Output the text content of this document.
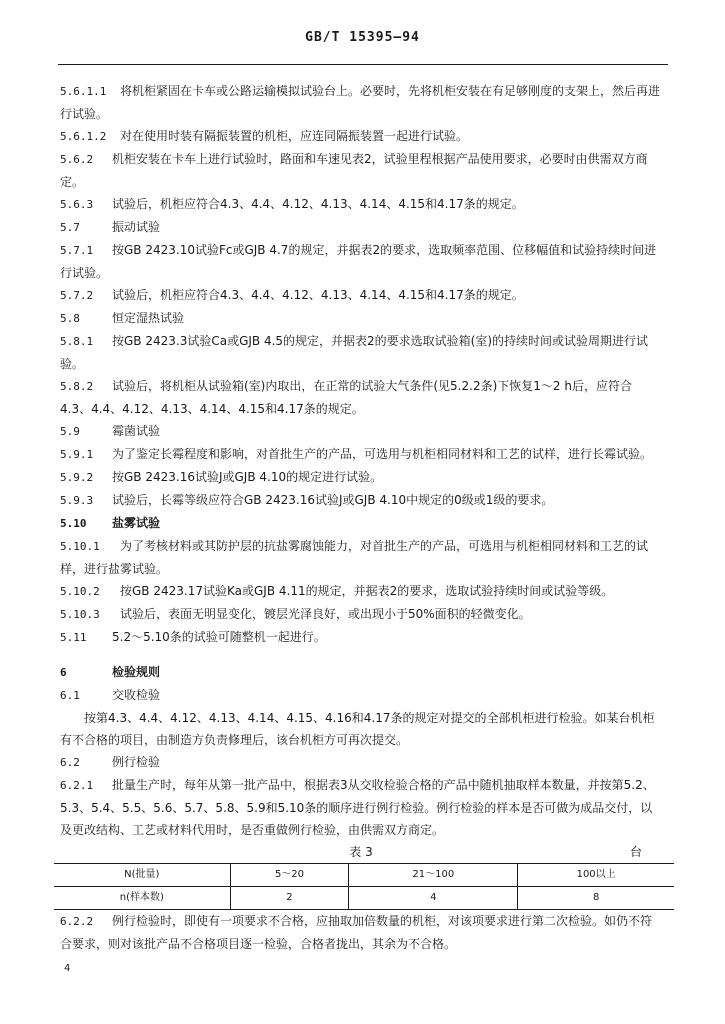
GB/T 15395—94

5.6.1.1 将机柜紧固在卡车或公路运输模拟试验台上。必要时，先将机柜安装在有足够刚度的支架上，然后再进行试验。

5.6.1.2 对在使用时装有隔振装置的机柜，应连同隔振装置一起进行试验。

5.6.2 机柜安装在卡车上进行试验时，路面和车速见表2，试验里程根据产品使用要求，必要时由供需双方商定。

5.6.3 试验后，机柜应符合4.3、4.4、4.12、4.13、4.14、4.15和4.17条的规定。

5.7	振动试验

5.7.1 按GB 2423.10试验Fc或GJB 4.7的规定，并据表2的要求，选取频率范围、位移幅值和试验持续时间进行试验。

5.7.2 试验后，机柜应符合4.3、4.4、4.12、4.13、4.14、4.15和4.17条的规定。

5.8	恒定湿热试验

5.8.1 按GB 2423.3试验Ca或GJB 4.5的规定，并据表2的要求选取试验箱(室)的持续时间或试验周期进行试验。

5.8.2 试验后，将机柜从试验箱(室)内取出，在正常的试验大气条件(见5.2.2条)下恢复1～2 h后，应符合4.3、4.4、4.12、4.13、4.14、4.15和4.17条的规定。

5.9	霉菌试验

5.9.1 为了鉴定长霉程度和影响，对首批生产的产品，可选用与机柜相同材料和工艺的试样，进行长霉试验。

5.9.2 按GB 2423.16试验J或GJB 4.10的规定进行试验。

5.9.3 试验后，长霉等级应符合GB 2423.16试验J或GJB 4.10中规定的0级或1级的要求。

5.10 盐雾试验

5.10.1 为了考核材料或其防护层的抗盐雾腐蚀能力，对首批生产的产品，可选用与机柜相同材料和工艺的试样，进行盐雾试验。

5.10.2 按GB 2423.17试验Ka或GJB 4.11的规定，并据表2的要求，选取试验持续时间或试验等级。

5.10.3 试验后，表面无明显变化，镀层光泽良好，或出现小于50%面积的轻微变化。

5.11 5.2～5.10条的试验可随整机一起进行。

6	检验规则

6.1	交收检验

按第4.3、4.4、4.12、4.13、4.14、4.15、4.16和4.17条的规定对提交的全部机柜进行检验。如某台机柜有不合格的项目，由制造方负责修理后，该台机柜方可再次提交。

6.2	例行检验

6.2.1 批量生产时，每年从第一批产品中，根据表3从交收检验合格的产品中随机抽取样本数量，并按第5.2、5.3、5.4、5.5、5.6、5.7、5.8、5.9和5.10条的顺序进行例行检验。例行检验的样本是否可做为成品交付，以及更改结构、工艺或材料代用时，是否重做例行检验，由供需双方商定。

表 3	台
N(批量)	5～20	21～100	100以上
n(样本数)	2	4	8

6.2.2 例行检验时，即使有一项要求不合格，应抽取加倍数量的机柜，对该项要求进行第二次检验。如仍不符合要求，则对该批产品不合格项目逐一检验，合格者拢出，其余为不合格。

4
